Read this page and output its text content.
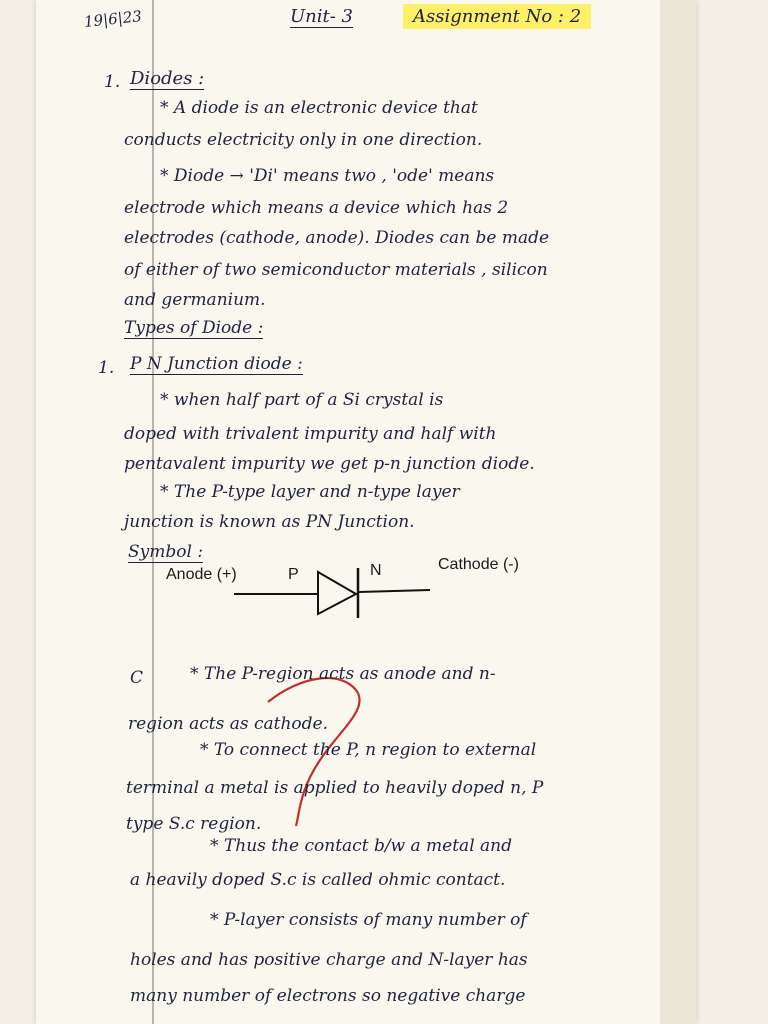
19|6|23	Unit- 3	Assignment No : 2
1. Diodes :
* A diode is an electronic device that
conducts electricity only in one direction.
* Diode → 'Di' means two , 'ode' means
electrode which means a device which has 2
electrodes (cathode, anode). Diodes can be made
of either of two semiconductor materials , silicon
and germanium.
Types of Diode :
1. P N Junction diode :
* when half part of a Si crystal is
doped with trivalent impurity and half with
pentavalent impurity we get p-n junction diode.
* The P-type layer and n-type layer
junction is known as PN Junction.
Symbol :
Anode (+)	P	N	Cathode (-)
C	* The P-region acts as anode and n-
region acts as cathode.
* To connect the P, n region to external
terminal a metal is applied to heavily doped n, P
type S.c region.
* Thus the contact b/w a metal and
a heavily doped S.c is called ohmic contact.
* P-layer consists of many number of
holes and has positive charge and N-layer has
many number of electrons so negative charge
